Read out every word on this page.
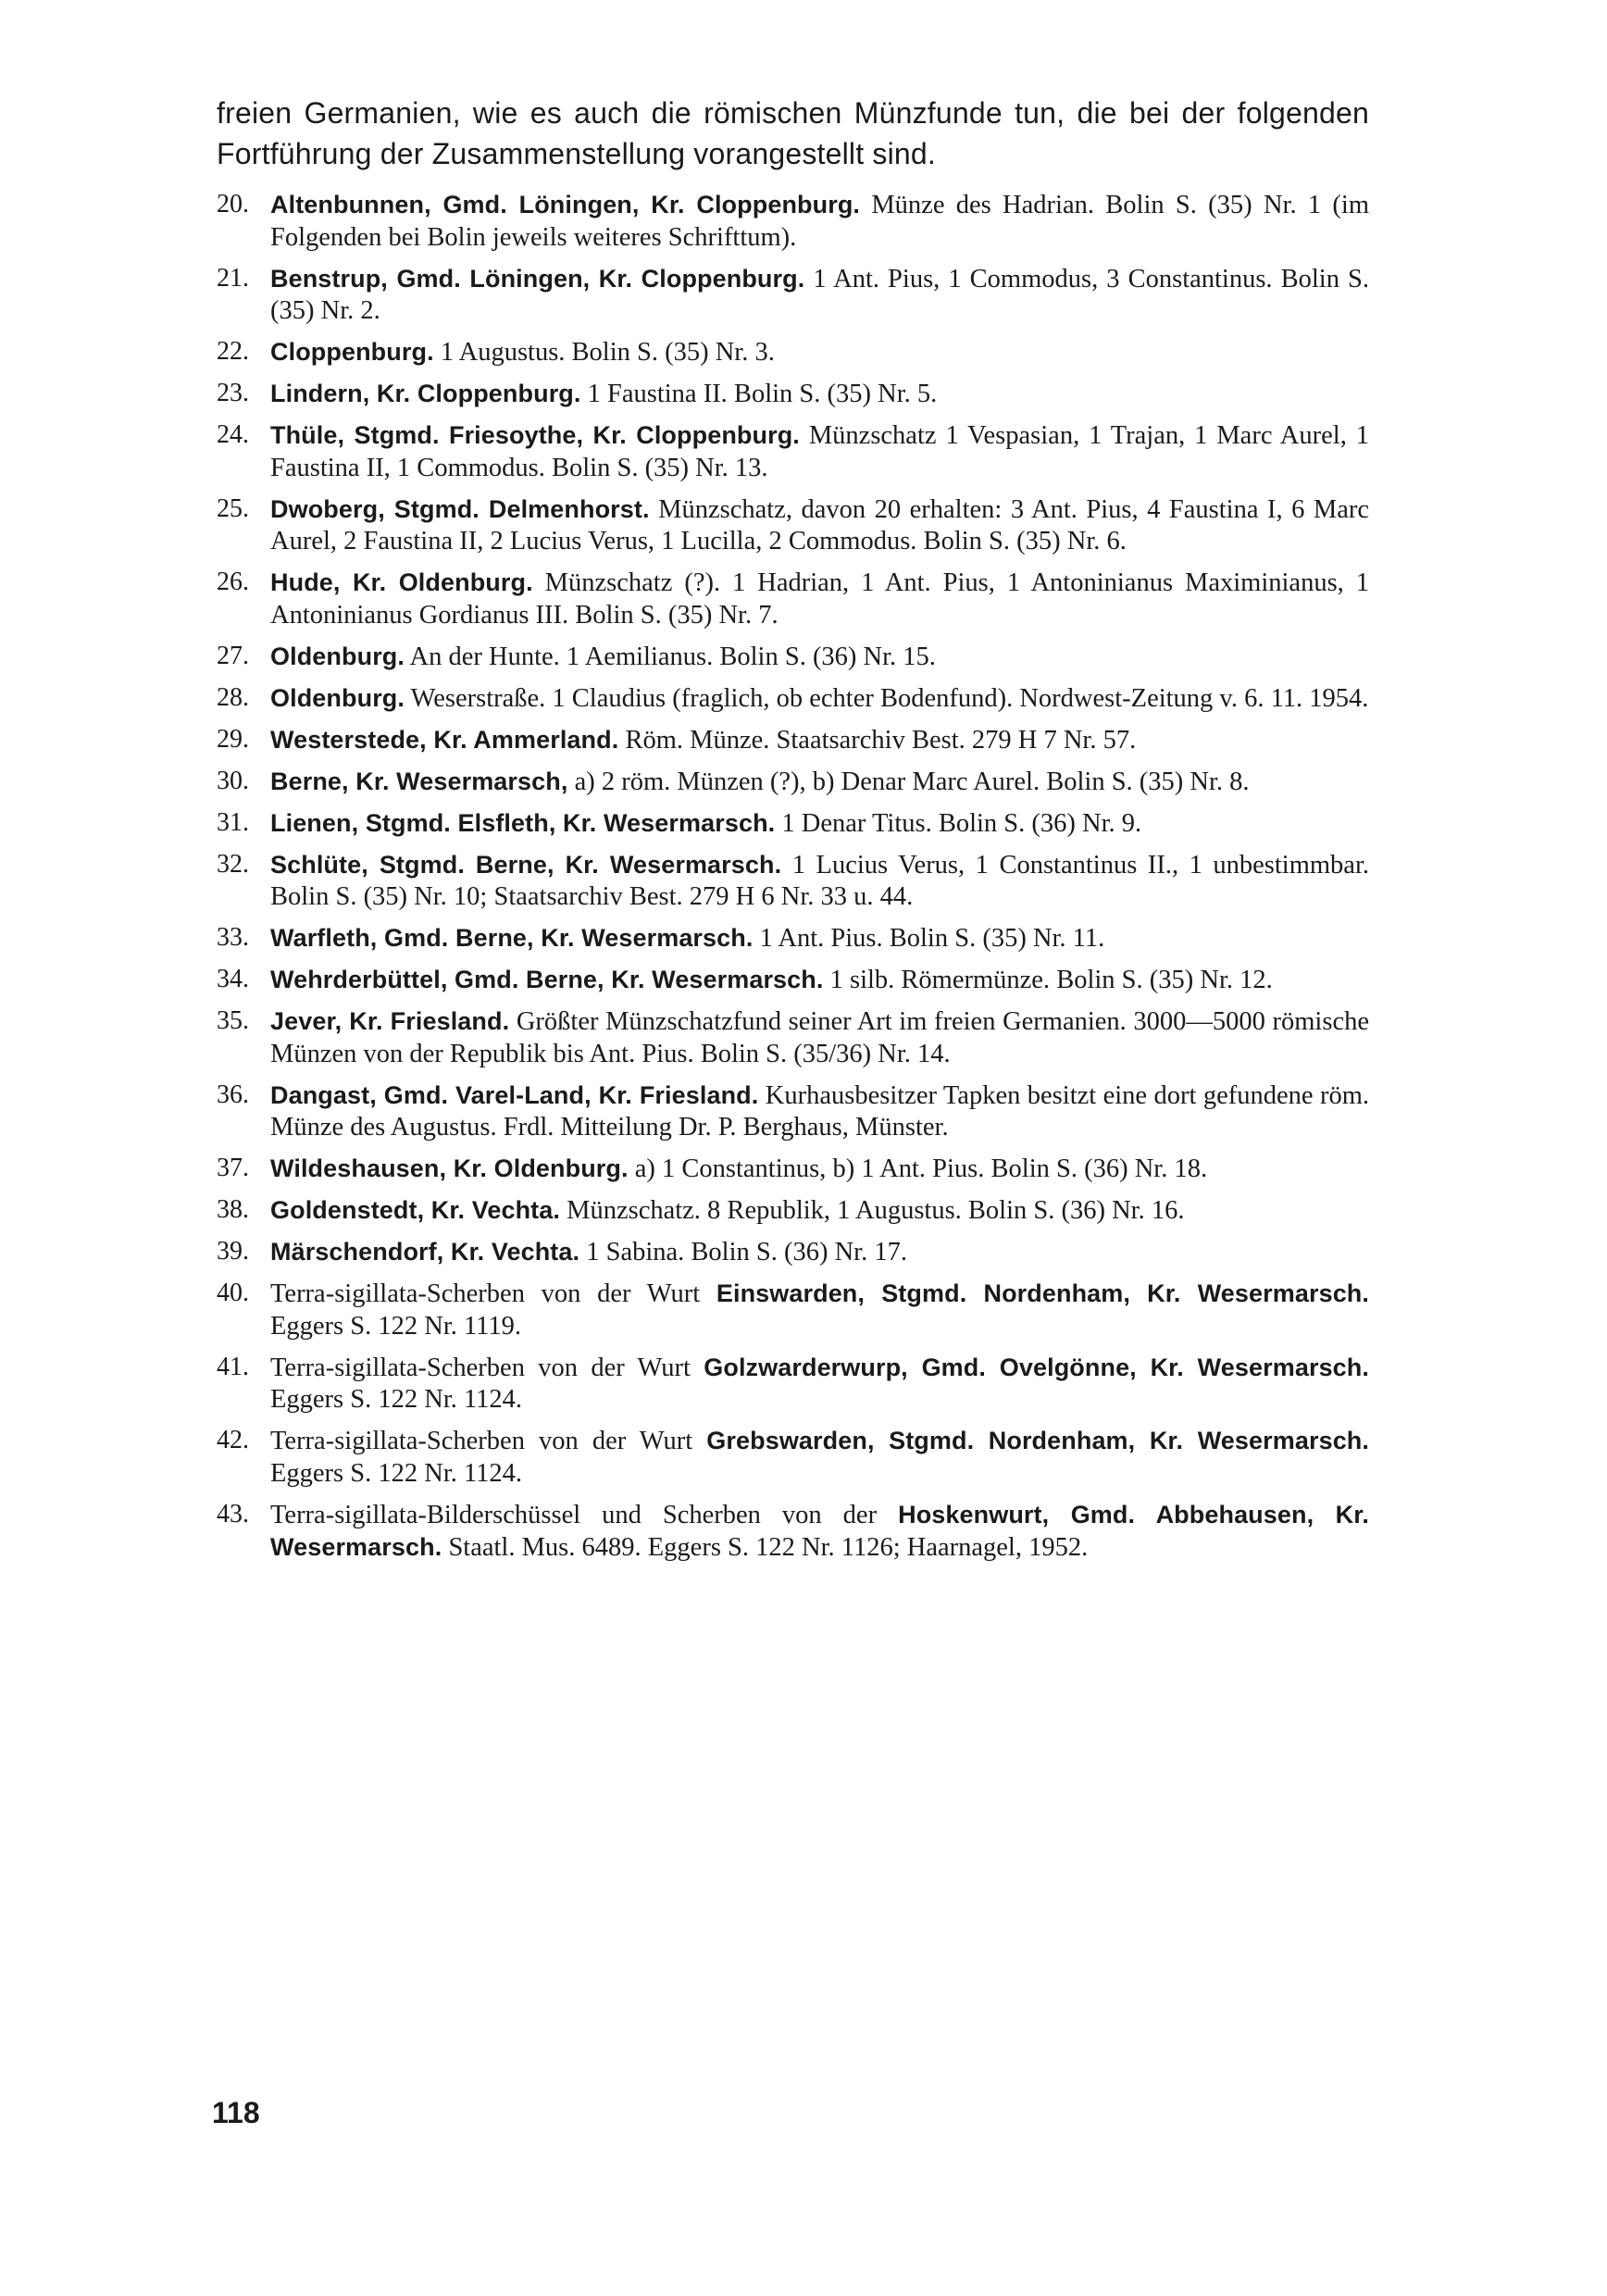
freien Germanien, wie es auch die römischen Münzfunde tun, die bei der folgenden Fortführung der Zusammenstellung vorangestellt sind.

20. Altenbunnen, Gmd. Löningen, Kr. Cloppenburg. Münze des Hadrian. Bolin S. (35) Nr. 1 (im Folgenden bei Bolin jeweils weiteres Schrifttum).
21. Benstrup, Gmd. Löningen, Kr. Cloppenburg. 1 Ant. Pius, 1 Commodus, 3 Constantinus. Bolin S. (35) Nr. 2.
22. Cloppenburg. 1 Augustus. Bolin S. (35) Nr. 3.
23. Lindern, Kr. Cloppenburg. 1 Faustina II. Bolin S. (35) Nr. 5.
24. Thüle, Stgmd. Friesoythe, Kr. Cloppenburg. Münzschatz 1 Vespasian, 1 Trajan, 1 Marc Aurel, 1 Faustina II, 1 Commodus. Bolin S. (35) Nr. 13.
25. Dwoberg, Stgmd. Delmenhorst. Münzschatz, davon 20 erhalten: 3 Ant. Pius, 4 Faustina I, 6 Marc Aurel, 2 Faustina II, 2 Lucius Verus, 1 Lucilla, 2 Commodus. Bolin S. (35) Nr. 6.
26. Hude, Kr. Oldenburg. Münzschatz (?). 1 Hadrian, 1 Ant. Pius, 1 Antoninianus Maximinianus, 1 Antoninianus Gordianus III. Bolin S. (35) Nr. 7.
27. Oldenburg. An der Hunte. 1 Aemilianus. Bolin S. (36) Nr. 15.
28. Oldenburg. Weserstraße. 1 Claudius (fraglich, ob echter Bodenfund). Nordwest-Zeitung v. 6. 11. 1954.
29. Westerstede, Kr. Ammerland. Röm. Münze. Staatsarchiv Best. 279 H 7 Nr. 57.
30. Berne, Kr. Wesermarsch, a) 2 röm. Münzen (?), b) Denar Marc Aurel. Bolin S. (35) Nr. 8.
31. Lienen, Stgmd. Elsfleth, Kr. Wesermarsch. 1 Denar Titus. Bolin S. (36) Nr. 9.
32. Schlüte, Stgmd. Berne, Kr. Wesermarsch. 1 Lucius Verus, 1 Constantinus II., 1 unbestimmbar. Bolin S. (35) Nr. 10; Staatsarchiv Best. 279 H 6 Nr. 33 u. 44.
33. Warfleth, Gmd. Berne, Kr. Wesermarsch. 1 Ant. Pius. Bolin S. (35) Nr. 11.
34. Wehrderbüttel, Gmd. Berne, Kr. Wesermarsch. 1 silb. Römermünze. Bolin S. (35) Nr. 12.
35. Jever, Kr. Friesland. Größter Münzschatzfund seiner Art im freien Germanien. 3000—5000 römische Münzen von der Republik bis Ant. Pius. Bolin S. (35/36) Nr. 14.
36. Dangast, Gmd. Varel-Land, Kr. Friesland. Kurhausbesitzer Tapken besitzt eine dort gefundene röm. Münze des Augustus. Frdl. Mitteilung Dr. P. Berghaus, Münster.
37. Wildeshausen, Kr. Oldenburg. a) 1 Constantinus, b) 1 Ant. Pius. Bolin S. (36) Nr. 18.
38. Goldenstedt, Kr. Vechta. Münzschatz. 8 Republik, 1 Augustus. Bolin S. (36) Nr. 16.
39. Märschendorf, Kr. Vechta. 1 Sabina. Bolin S. (36) Nr. 17.
40. Terra-sigillata-Scherben von der Wurt Einswarden, Stgmd. Nordenham, Kr. Wesermarsch. Eggers S. 122 Nr. 1119.
41. Terra-sigillata-Scherben von der Wurt Golzwarderwurp, Gmd. Ovelgönne, Kr. Wesermarsch. Eggers S. 122 Nr. 1124.
42. Terra-sigillata-Scherben von der Wurt Grebswarden, Stgmd. Nordenham, Kr. Wesermarsch. Eggers S. 122 Nr. 1124.
43. Terra-sigillata-Bilderschüssel und Scherben von der Hoskenwurt, Gmd. Abbehausen, Kr. Wesermarsch. Staatl. Mus. 6489. Eggers S. 122 Nr. 1126; Haarnagel, 1952.
118
